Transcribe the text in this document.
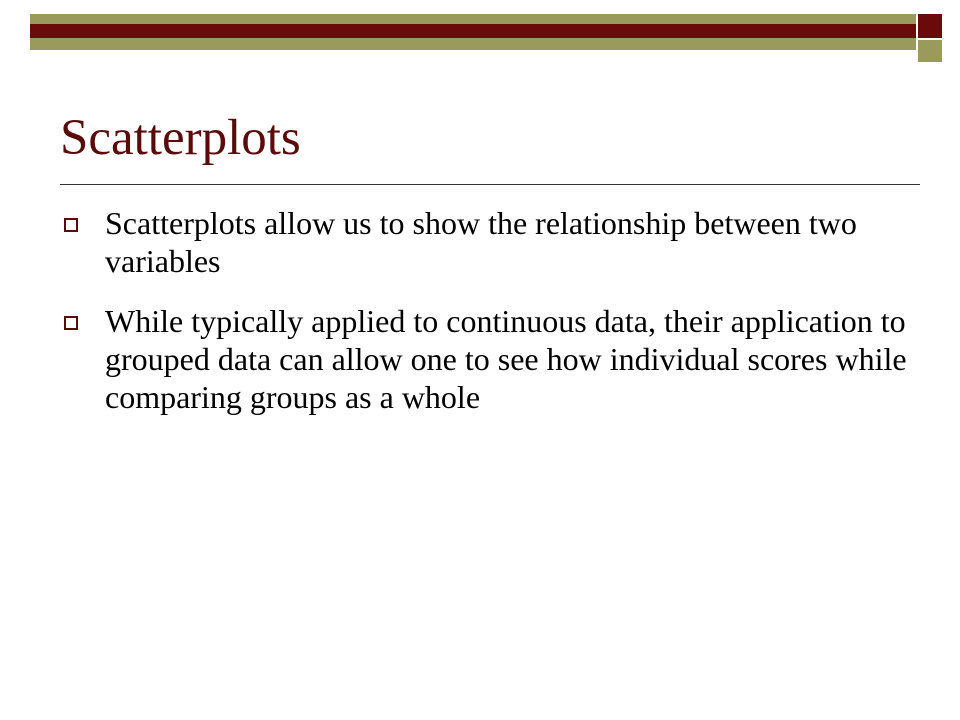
Scatterplots
Scatterplots allow us to show the relationship between two variables
While typically applied to continuous data, their application to grouped data can allow one to see how individual scores while comparing groups as a whole
